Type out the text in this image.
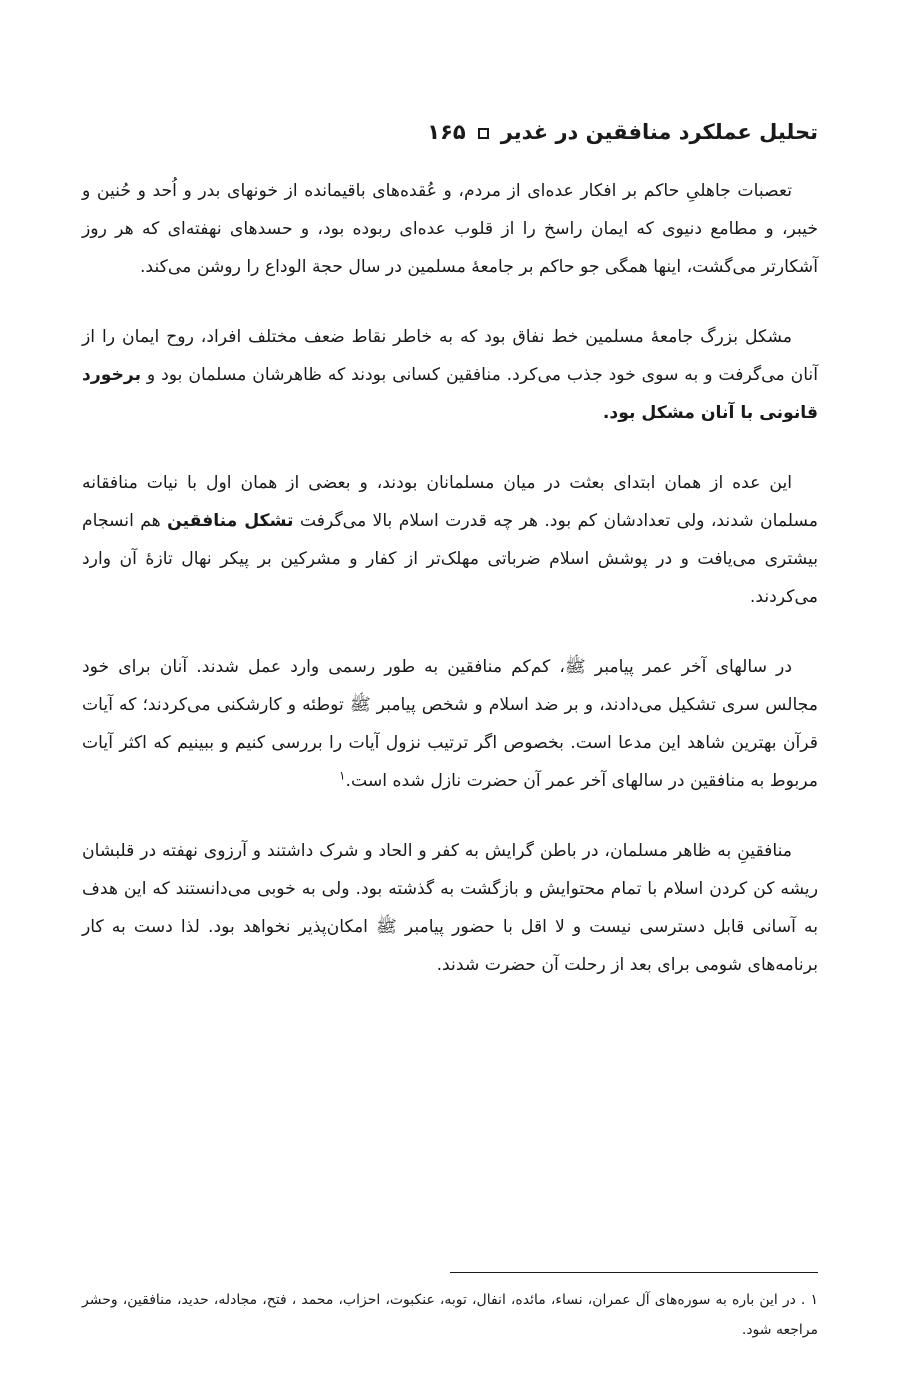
تحلیل عملکرد منافقین در غدیر۱۶۵

تعصبات جاهلیِ حاکم بر افکار عده‌ای از مردم، و عُقده‌های باقیمانده از خونهای بدر و اُحد و حُنین و خیبر، و مطامع دنیوی که ایمان راسخ را از قلوب عده‌ای ربوده بود، و حسدهای نهفته‌ای که هر روز آشکارتر می‌گشت، اینها همگی جو حاکم بر جامعهٔ مسلمین در سال حجة الوداع را روشن می‌کند.

مشکل بزرگ جامعهٔ مسلمین خط نفاق بود که به خاطر نقاط ضعف مختلف افراد، روح ایمان را از آنان می‌گرفت و به سوی خود جذب می‌کرد. منافقین کسانی بودند که ظاهرشان مسلمان بود و برخورد قانونی با آنان مشکل بود.

این عده از همان ابتدای بعثت در میان مسلمانان بودند، و بعضی از همان اول با نیات منافقانه مسلمان شدند، ولی تعدادشان کم بود. هر چه قدرت اسلام بالا می‌گرفت تشکل منافقین هم انسجام بیشتری می‌یافت و در پوشش اسلام ضرباتی مهلک‌تر از کفار و مشرکین بر پیکر نهال تازهٔ آن وارد می‌کردند.

در سالهای آخر عمر پیامبر ﷺ، کم‌کم منافقین به طور رسمی وارد عمل شدند. آنان برای خود مجالس سری تشکیل می‌دادند، و بر ضد اسلام و شخص پیامبر ﷺ توطئه و کارشکنی می‌کردند؛ که آیات قرآن بهترین شاهد این مدعا است. بخصوص اگر ترتیب نزول آیات را بررسی کنیم و ببینیم که اکثر آیات مربوط به منافقین در سالهای آخر عمر آن حضرت نازل شده است.$^۱$

منافقینِ به ظاهر مسلمان، در باطن گرایش به کفر و الحاد و شرک داشتند و آرزوی نهفته در قلبشان ریشه کن کردن اسلام با تمام محتوایش و بازگشت به گذشته بود. ولی به خوبی می‌دانستند که این هدف به آسانی قابل دسترسی نیست و لا اقل با حضور پیامبر ﷺ امکان‌پذیر نخواهد بود. لذا دست به کار برنامه‌های شومی برای بعد از رحلت آن حضرت شدند.

۱ . در این باره به سوره‌های آل عمران، نساء، مائده، انفال، توبه، عنکبوت، احزاب، محمد ، فتح، مجادله، حدید، منافقین، وحشر مراجعه شود.
